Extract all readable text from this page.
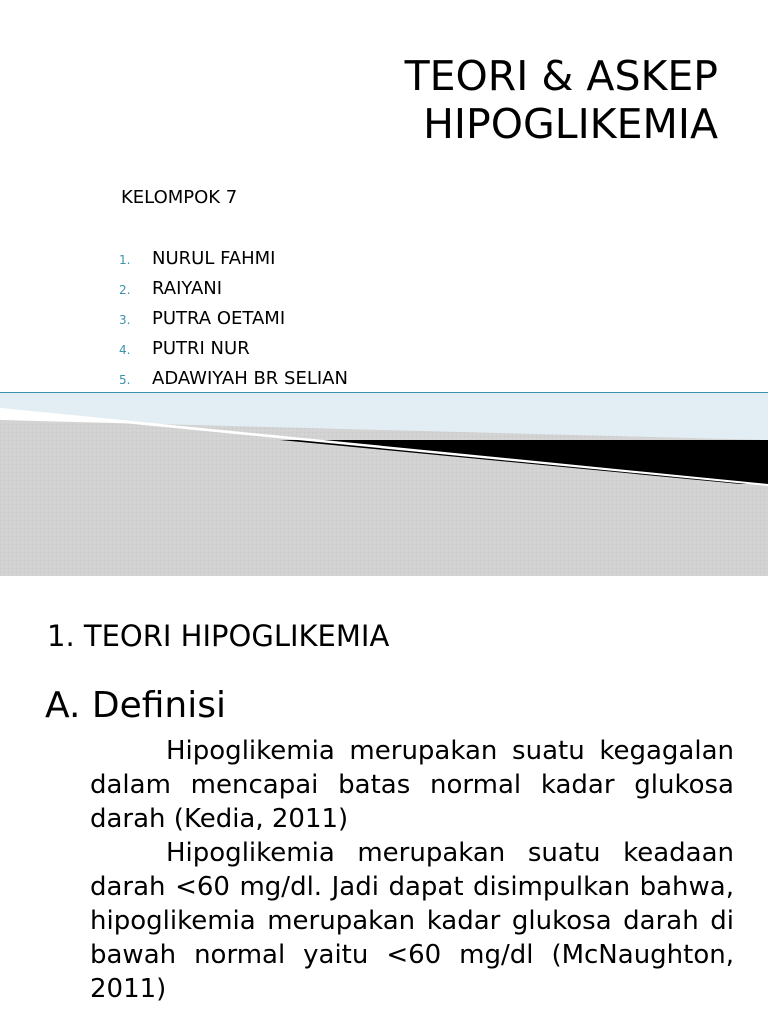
TEORI & ASKEP
HIPOGLIKEMIA
KELOMPOK 7
1. NURUL FAHMI
2. RAIYANI
3. PUTRA OETAMI
4. PUTRI NUR
5. ADAWIYAH BR SELIAN
1. TEORI HIPOGLIKEMIA
A. Definisi

Hipoglikemia merupakan suatu kegagalan dalam mencapai batas normal kadar glukosa darah (Kedia, 2011)

Hipoglikemia merupakan suatu keadaan darah <60 mg/dl. Jadi dapat disimpulkan bahwa, hipoglikemia merupakan kadar glukosa darah di bawah normal yaitu <60 mg/dl (McNaughton, 2011)
